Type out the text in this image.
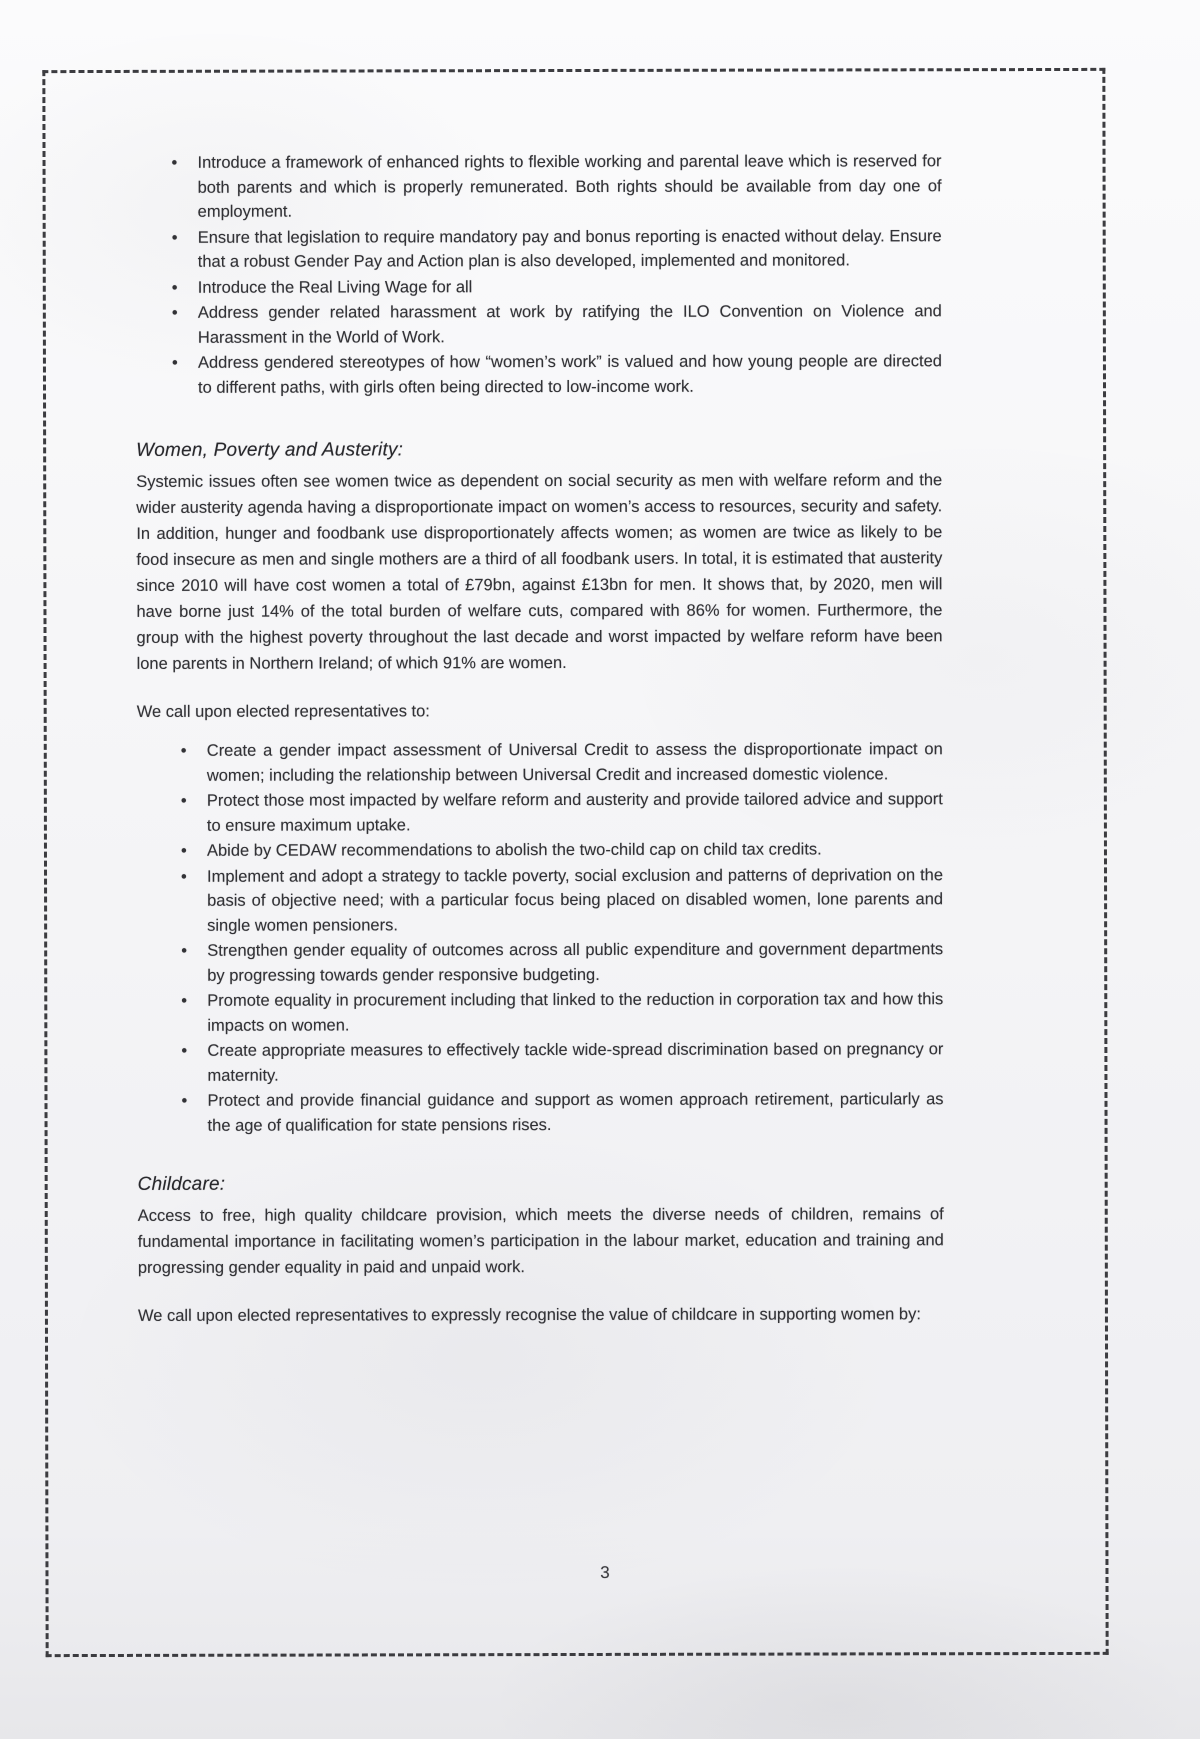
• Introduce a framework of enhanced rights to flexible working and parental leave which is reserved for both parents and which is properly remunerated. Both rights should be available from day one of employment.
• Ensure that legislation to require mandatory pay and bonus reporting is enacted without delay. Ensure that a robust Gender Pay and Action plan is also developed, implemented and monitored.
• Introduce the Real Living Wage for all
• Address gender related harassment at work by ratifying the ILO Convention on Violence and Harassment in the World of Work.
• Address gendered stereotypes of how “women’s work” is valued and how young people are directed to different paths, with girls often being directed to low-income work.
Women, Poverty and Austerity:

Systemic issues often see women twice as dependent on social security as men with welfare reform and the wider austerity agenda having a disproportionate impact on women’s access to resources, security and safety. In addition, hunger and foodbank use disproportionately affects women; as women are twice as likely to be food insecure as men and single mothers are a third of all foodbank users. In total, it is estimated that austerity since 2010 will have cost women a total of £79bn, against £13bn for men. It shows that, by 2020, men will have borne just 14% of the total burden of welfare cuts, compared with 86% for women. Furthermore, the group with the highest poverty throughout the last decade and worst impacted by welfare reform have been lone parents in Northern Ireland; of which 91% are women.

We call upon elected representatives to:

• Create a gender impact assessment of Universal Credit to assess the disproportionate impact on women; including the relationship between Universal Credit and increased domestic violence.
• Protect those most impacted by welfare reform and austerity and provide tailored advice and support to ensure maximum uptake.
• Abide by CEDAW recommendations to abolish the two-child cap on child tax credits.
• Implement and adopt a strategy to tackle poverty, social exclusion and patterns of deprivation on the basis of objective need; with a particular focus being placed on disabled women, lone parents and single women pensioners.
• Strengthen gender equality of outcomes across all public expenditure and government departments by progressing towards gender responsive budgeting.
• Promote equality in procurement including that linked to the reduction in corporation tax and how this impacts on women.
• Create appropriate measures to effectively tackle wide-spread discrimination based on pregnancy or maternity.
• Protect and provide financial guidance and support as women approach retirement, particularly as the age of qualification for state pensions rises.
Childcare:

Access to free, high quality childcare provision, which meets the diverse needs of children, remains of fundamental importance in facilitating women’s participation in the labour market, education and training and progressing gender equality in paid and unpaid work.

We call upon elected representatives to expressly recognise the value of childcare in supporting women by:

3
